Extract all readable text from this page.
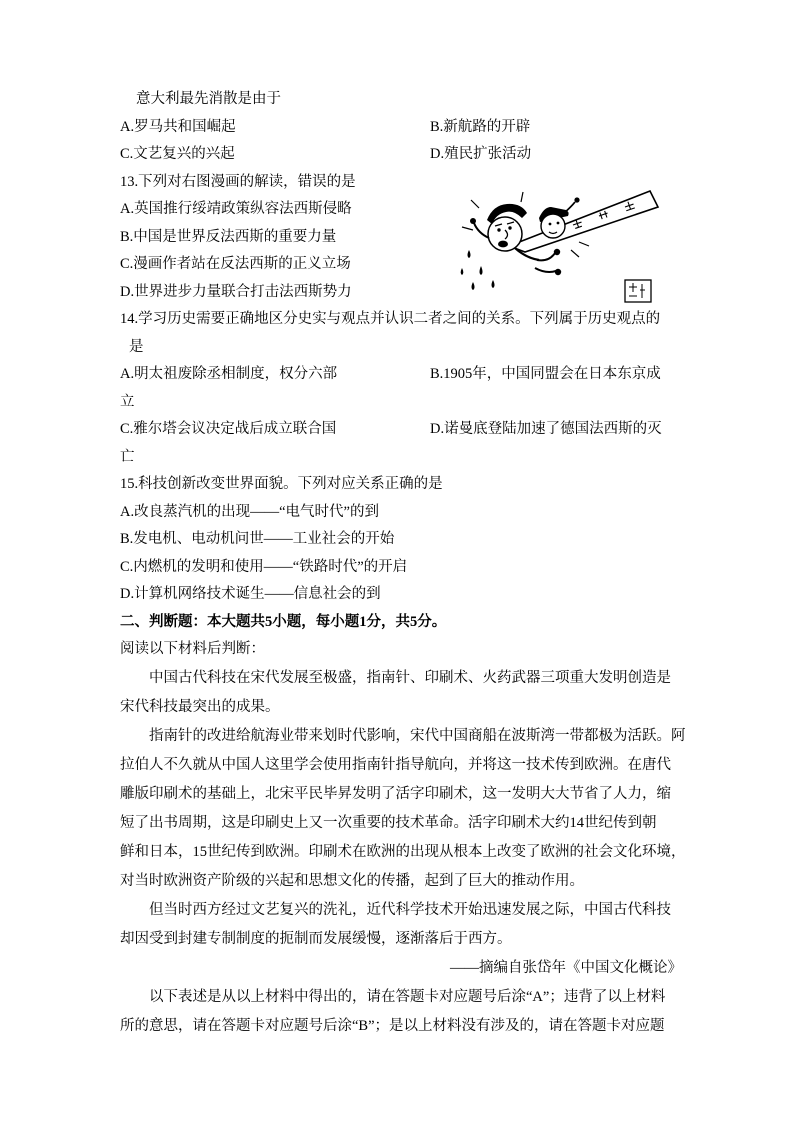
意大利最先消散是由于
A.罗马共和国崛起	B.新航路的开辟
C.文艺复兴的兴起	D.殖民扩张活动
13.下列对右图漫画的解读，错误的是
A.英国推行绥靖政策纵容法西斯侵略
B.中国是世界反法西斯的重要力量
C.漫画作者站在反法西斯的正义立场
D.世界进步力量联合打击法西斯势力
14.学习历史需要正确地区分史实与观点并认识二者之间的关系。下列属于历史观点的
是
A.明太祖废除丞相制度，权分六部	B.1905年，中国同盟会在日本东京成
立
C.雅尔塔会议决定战后成立联合国	D.诺曼底登陆加速了德国法西斯的灭
亡
15.科技创新改变世界面貌。下列对应关系正确的是
A.改良蒸汽机的出现――“电气时代”的到
B.发电机、电动机问世――工业社会的开始
C.内燃机的发明和使用――“铁路时代”的开启
D.计算机网络技术诞生――信息社会的到
二、判断题：本大题共5小题，每小题1分，共5分。
阅读以下材料后判断：
中国古代科技在宋代发展至极盛，指南针、印刷术、火药武器三项重大发明创造是
宋代科技最突出的成果。
指南针的改进给航海业带来划时代影响，宋代中国商船在波斯湾一带都极为活跃。阿
拉伯人不久就从中国人这里学会使用指南针指导航向，并将这一技术传到欧洲。在唐代
雕版印刷术的基础上，北宋平民毕昇发明了活字印刷术，这一发明大大节省了人力，缩
短了出书周期，这是印刷史上又一次重要的技术革命。活字印刷术大约14世纪传到朝
鲜和日本，15世纪传到欧洲。印刷术在欧洲的出现从根本上改变了欧洲的社会文化环境，
对当时欧洲资产阶级的兴起和思想文化的传播，起到了巨大的推动作用。
但当时西方经过文艺复兴的洗礼，近代科学技术开始迅速发展之际，中国古代科技
却因受到封建专制制度的扼制而发展缓慢，逐渐落后于西方。
――摘编自张岱年《中国文化概论》
以下表述是从以上材料中得出的，请在答题卡对应题号后涂“A”；违背了以上材料
所的意思，请在答题卡对应题号后涂“B”；是以上材料没有涉及的，请在答题卡对应题
